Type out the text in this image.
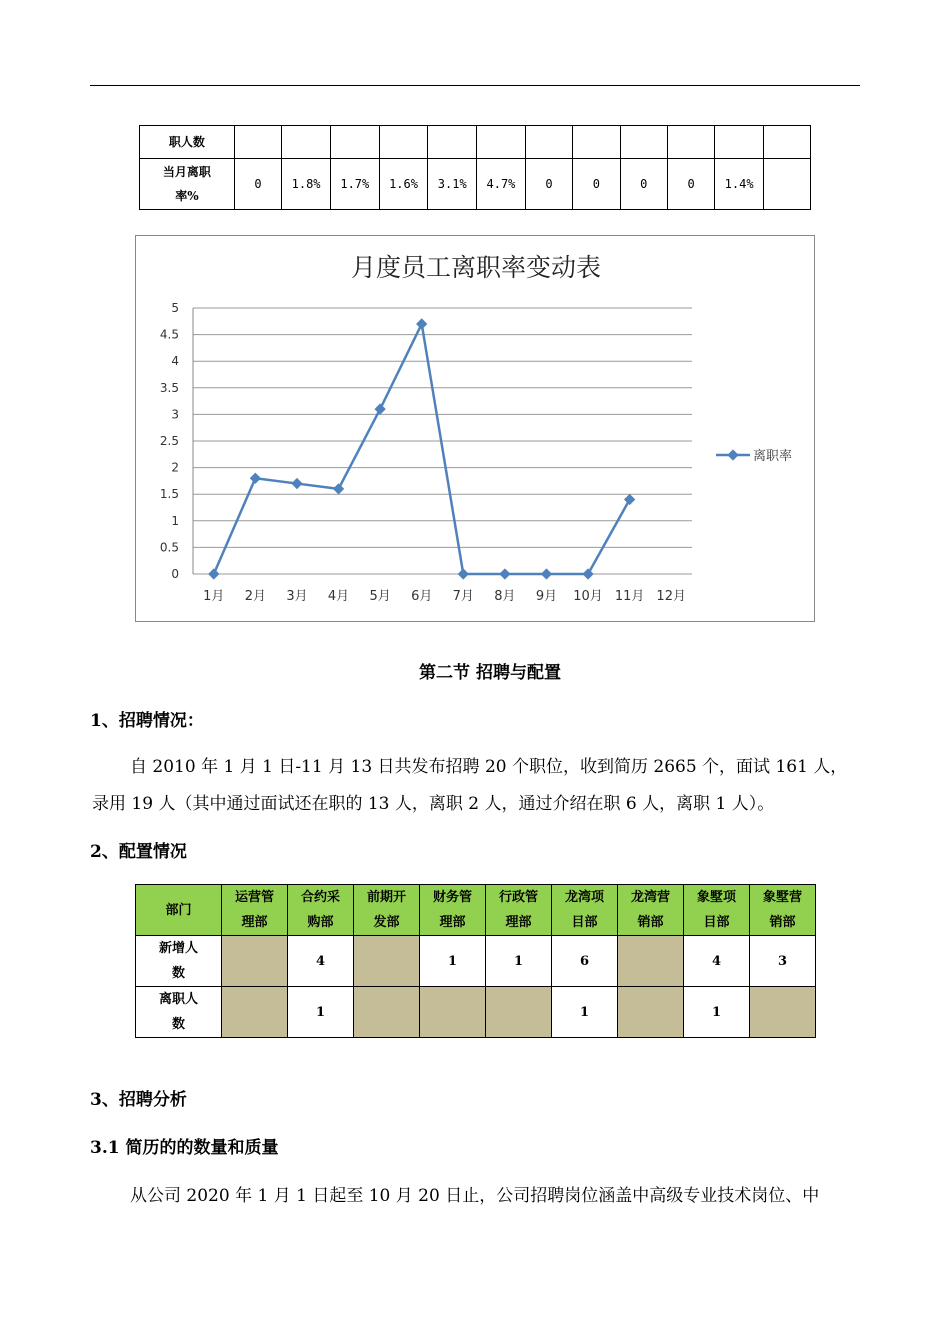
职人数												
当月离职率%	0	1.8%	1.7%	1.6%	3.1%	4.7%	0	0	0	0	1.4%	
月度员工离职率变动表
0
0.5
1
1.5
2
2.5
3
3.5
4
4.5
5
1月 2月 3月 4月 5月 6月 7月 8月 9月 10月 11月 12月
离职率
第二节 招聘与配置
1、招聘情况：
自 2010 年 1 月 1 日-11 月 13 日共发布招聘 20 个职位，收到简历 2665 个，面试 161 人，
录用 19 人（其中通过面试还在职的 13 人，离职 2 人，通过介绍在职 6 人，离职 1 人）。
2、配置情况
部门	运营管理部	合约采购部	前期开发部	财务管理部	行政管理部	龙湾项目部	龙湾营销部	象墅项目部	象墅营销部
新增人数		4		1	1	6		4	3
离职人数		1				1		1	
3、招聘分析
3.1 简历的的数量和质量
从公司 2020 年 1 月 1 日起至 10 月 20 日止，公司招聘岗位涵盖中高级专业技术岗位、中
